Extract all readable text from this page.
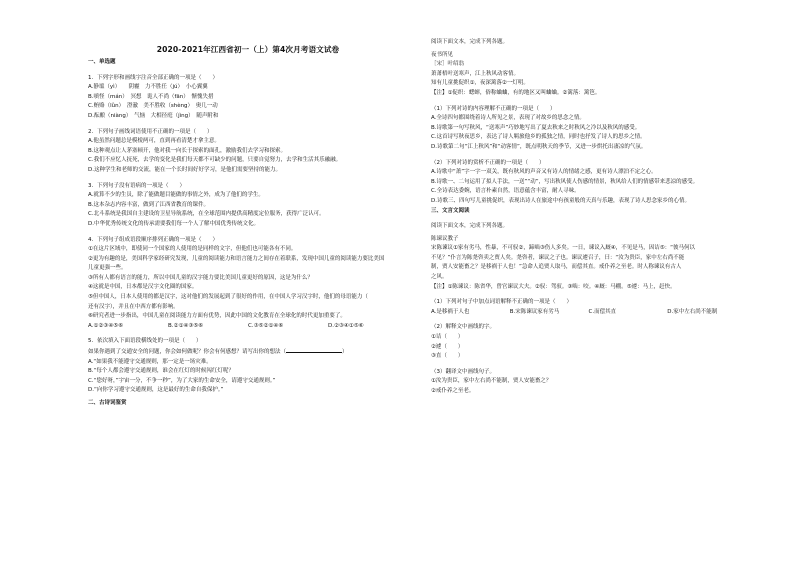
2020-2021年江西省初一（上）第4次月考语文试卷
一、单选题
1．下列字形和画线字注音全部正确的一项是（　　）
A.静谧（yì）　　阴霾　力不胜任（jú）　小心翼翼
B.嗔怪（mán）　冥想　诡人不尚（fān）　惭愧失措
C.贿赂（lǜn）　澄澈　美不胜收（shèng）　奥几一动
D.酝酿（niàng）　气恼　大相径庭（jìng）　随声附和
2．下列句子画线词语使用不正确的一项是（　　）
A.他虽然问题总是模棱两可，直到再看清楚才拿主意。
B.这种观点让人茅塞顿开，他对我一向长于探索的面孔，激励我们去学习和探索。
C.我们不应忆人抚死，去学的变化是我们每天都不可缺少的问题，只要自觉努力，去学和生活其乐融融。
D.这种学生和老师的交流，能在一个长时间好好学习，是他们需要坚持的能力。
3．下列句子没有语病的一项是（　　）
A.就算不少的生员，除了能做题目能做的事情之外，成为了他们的学生。
B.这本杂志内容丰富，做到了江西省教育的课件。
C.北斗系统是我国自主建设的卫星导航系统，在全球范围内提供高精度定位服务，获得广泛认可。
D.中华优秀传统文化的传承需要我们每一个人了解中国优秀传统文化。
4．下列句子组成语段顺序排列正确的一项是（　　）
①在这片区域中，即使同一个国家的人使用的是同样的文字，但他们也可能各有不同。
②更为有趣的是，美国科学家经研究发现，儿童的阅读能力和语言能力之间存在着联系，发现中国儿童的阅读能力要比美国
儿童更强一些。
③所有人都有语言的能力，所以中国儿童的汉字能力要比美国儿童更好的原因，这是为什么？
④这就是中国，日本都是汉字文化圈的国家。
⑤但中国人，日本人使用的都是汉字，这对他们的发展起到了很好的作用，在中国人学习汉字时，他们的母语能力（
还有汉字），并且在中西方都有影响。
⑥研究者进一步指出，中国儿童在阅读能力方面有优势，因此中国的文化教育在全球化的时代更加重要了。
A.①②③④⑤⑥	B.②①④③⑤⑥	C.③⑤②①④⑥	D.②③④①⑤⑥
5．依次填入下面语段横线处的一项是（　　）
如果你遇到了交通安全的问题，你会如何做呢？你会有何感想？请写出你的想法（	）
A.“如果我不能遵守交通规则，那一定是一场灾难。
B.“每个人都会遵守交通规则，谁会在红灯的时候闯红灯呢？
C.“您好呀，”宇宙一分，不争一秒”，为了大家的生命安全，请遵守交通规则。”
D.“向你学习遵守交通规则，这是最好的生命自我保护。”
二、古诗词鉴赏
阅读下面文本，完成下列各题。
夜书所见
［宋］叶绍翁
萧萧梧叶送寒声，江上秋风动客情。
知有儿童挑促织①，夜深篱落②一灯明。
【注】①促织：蟋蟀，俗称蛐蛐，有的地区又叫蛐蛐。②篱落：篱笆。
（1）下列对诗的内容理解不正确的一项是（　　）
A.全诗四句都围绕着诗人所见之景，表现了对故乡的思念之情。
B.诗歌第一句写秋风，“送寒声”巧妙地写出了夏去秋来之时秋风之冷以及秋风的感受。
C.这首诗写秋夜思乡，表达了诗人羁旅他乡的孤独之情，同时也抒发了诗人的思乡之情。
D.诗歌第二句“江上秋风”和“动客情”，既点明秋天的季节，又进一步烘托出凄凉的气氛。
（2）下列对诗的赏析不正确的一项是（　　）
A.诗歌中“萧”字一字一双关，既有秋风的声音又有诗人的情绪之感，更有诗人漂泊不定之心。
B.诗歌一、二句运用了拟人手法，一送”“动”，写出秋风使人伤感的情景，秋风给人们的情感带来悲凉的感受。
C.全诗表达委婉，语言朴素自然，语意蕴含丰富，耐人寻味。
D.诗歌三、四句写儿童挑促织，表现出诗人在旅途中有孩童般的天真与乐趣，表现了诗人思念家乡的心情。
三、文言文阅读
阅读下面文本，完成下列各题。
陈谏议教子
宋陈谏议①家有劣马，性暴，不可驭②，蹄啮③伤人多矣。一日，谏议入厩④，不见是马，因诘⑤：“彼马何以
不见？”仆言为陈尧咨卖之贾人矣。尧咨者，谏议之子也。谏议遽召子，曰：“汝为贵臣，家中左右尚不能
制，贾人安能畜之？是移祸于人也！”急命人追贾人取马，而偿其直。戒仆养之至老。时人称谏议有古人
之风。
【注】①陈谏议：陈省华，曾官谏议大夫。②驭：驾驭。③啮：咬。④厩：马棚。⑤遽：马上，赶快。
（1）下列对句子中加点词语解释不正确的一项是（　　）
A.是移祸于人也	B.宋陈谏议家有劣马	C.而偿其直	D.家中左右尚不能制
（2）解释文中画线的字。
①诘（　　）
②遽（　　）
③直（　　）
（3）翻译文中画线句子。
①汝为贵臣，家中左右尚不能制，贾人安能畜之？
②戒仆养之至老。
